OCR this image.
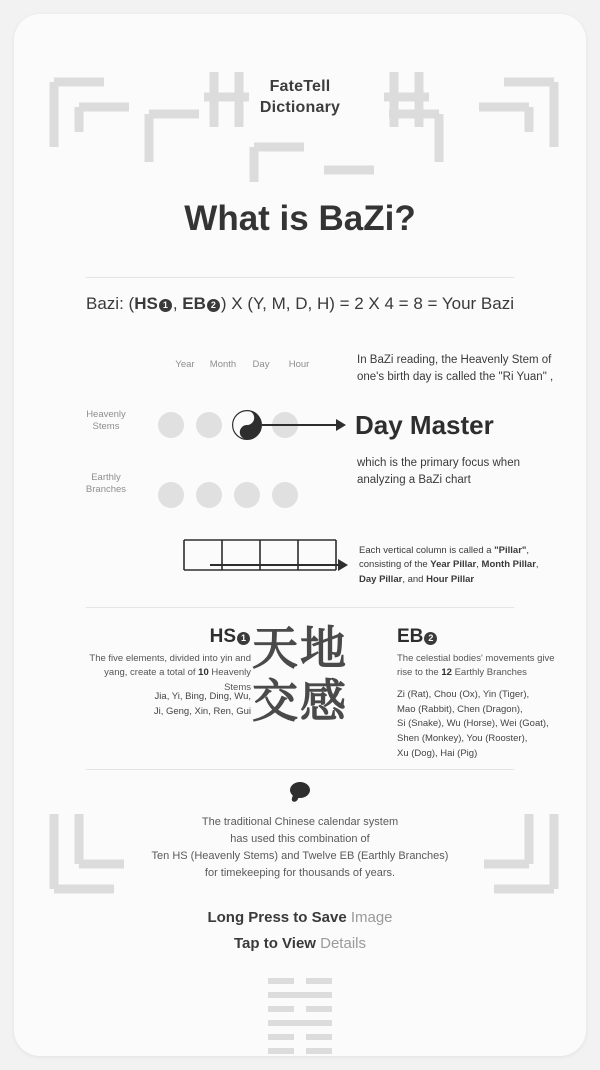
FateTell
Dictionary
What is BaZi?
Bazi: (HS 1 , EB 2 ) X (Y, M, D, H) = 2 X 4 = 8 = Your Bazi
Year	Month	Day	Hour
Heavenly
Stems
Earthly
Branches
In BaZi reading, the Heavenly Stem of one's birth day is called the "Ri Yuan" ,
Day Master
which is the primary focus when analyzing a BaZi chart
Each vertical column is called a "Pillar", consisting of the Year Pillar, Month Pillar, Day Pillar, and Hour Pillar
HS 1
The five elements, divided into yin and yang, create a total of 10 Heavenly Stems
Jia, Yi, Bing, Ding, Wu,
Ji, Geng, Xin, Ren, Gui
天地
交感
EB 2
The celestial bodies' movements give rise to the 12 Earthly Branches
Zi (Rat), Chou (Ox), Yin (Tiger),
Mao (Rabbit), Chen (Dragon),
Si (Snake), Wu (Horse), Wei (Goat),
Shen (Monkey), You (Rooster),
Xu (Dog), Hai (Pig)
The traditional Chinese calendar system
has used this combination of
Ten HS (Heavenly Stems) and Twelve EB (Earthly Branches)
for timekeeping for thousands of years.
Long Press to Save Image
Tap to View Details
